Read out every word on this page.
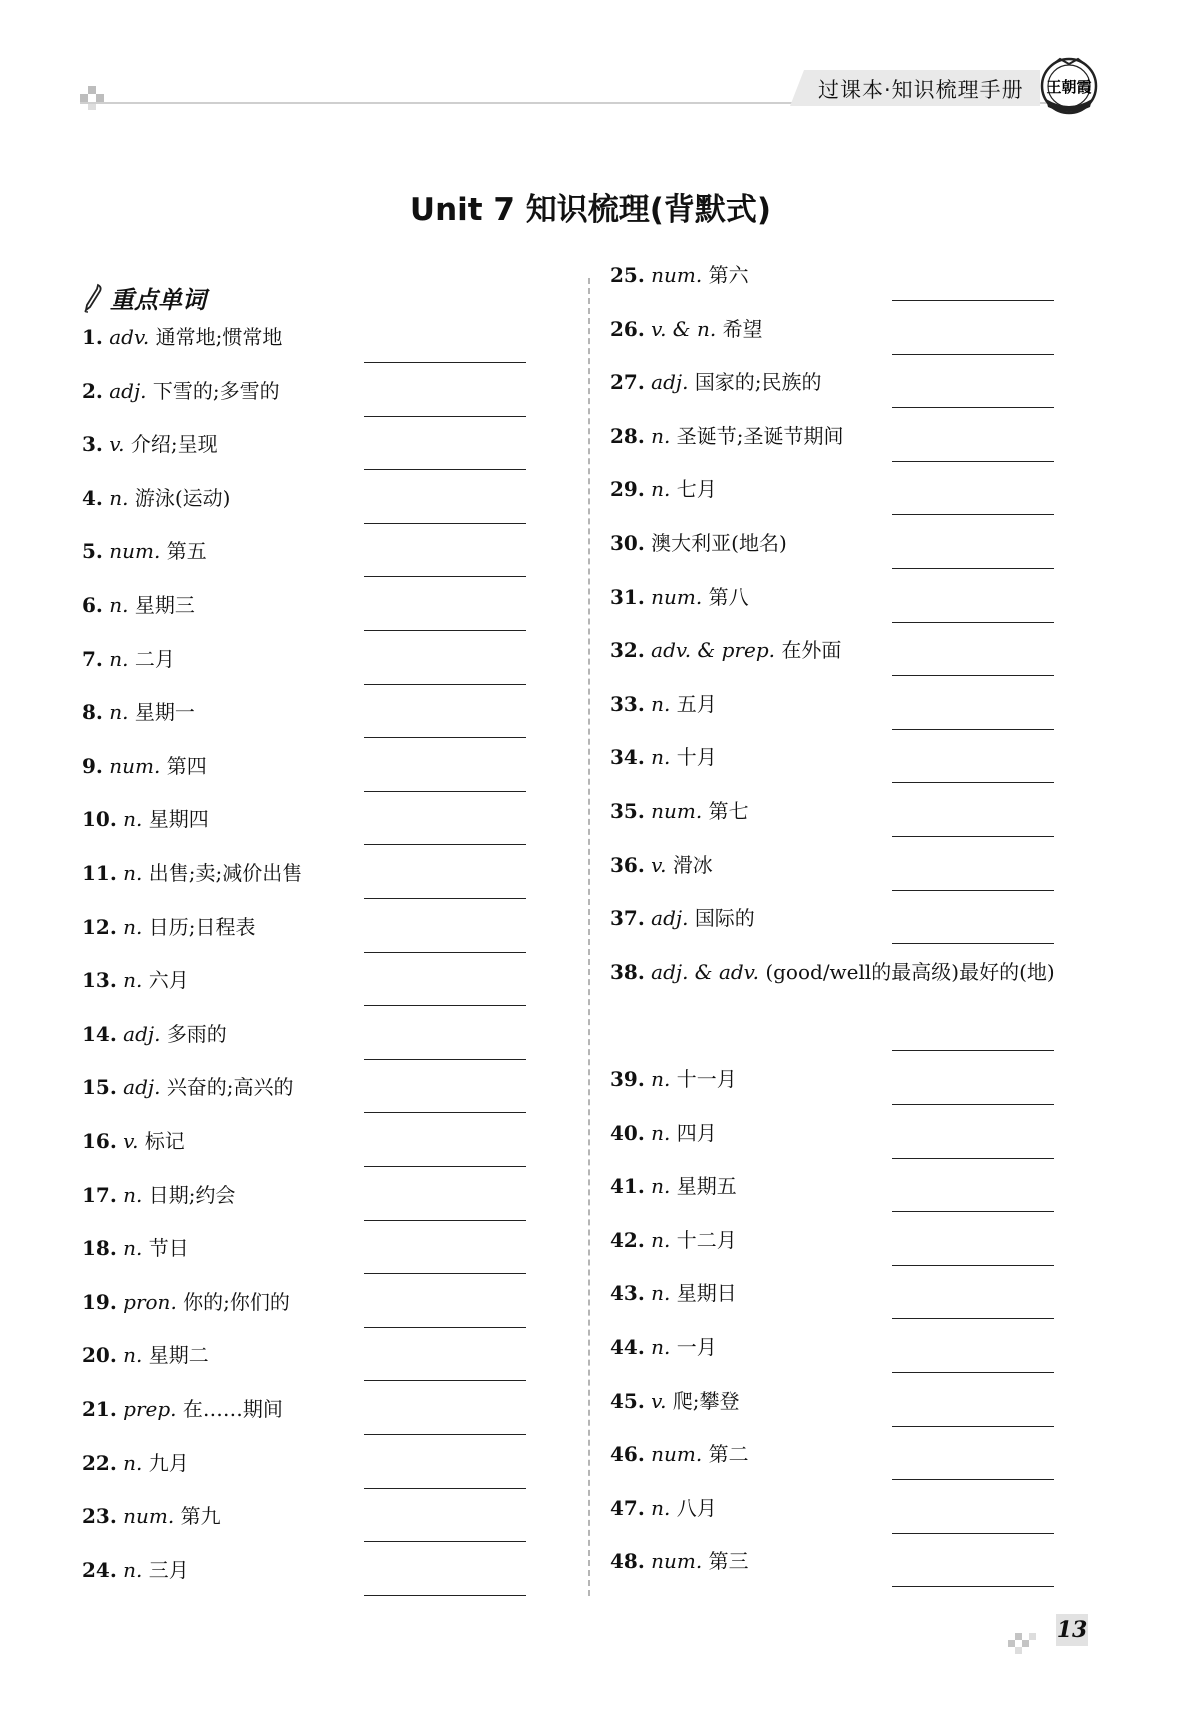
过课本·知识梳理手册 王朝霞
Unit 7 知识梳理(背默式)
重点单词
1. adv. 通常地;惯常地
2. adj. 下雪的;多雪的
3. v. 介绍;呈现
4. n. 游泳(运动)
5. num. 第五
6. n. 星期三
7. n. 二月
8. n. 星期一
9. num. 第四
10. n. 星期四
11. n. 出售;卖;减价出售
12. n. 日历;日程表
13. n. 六月
14. adj. 多雨的
15. adj. 兴奋的;高兴的
16. v. 标记
17. n. 日期;约会
18. n. 节日
19. pron. 你的;你们的
20. n. 星期二
21. prep. 在……期间
22. n. 九月
23. num. 第九
24. n. 三月
25. num. 第六
26. v. & n. 希望
27. adj. 国家的;民族的
28. n. 圣诞节;圣诞节期间
29. n. 七月
30. 澳大利亚(地名)
31. num. 第八
32. adv. & prep. 在外面
33. n. 五月
34. n. 十月
35. num. 第七
36. v. 滑冰
37. adj. 国际的
38. adj. & adv. (good/well的最高级)最好的(地)
39. n. 十一月
40. n. 四月
41. n. 星期五
42. n. 十二月
43. n. 星期日
44. n. 一月
45. v. 爬;攀登
46. num. 第二
47. n. 八月
48. num. 第三
13
